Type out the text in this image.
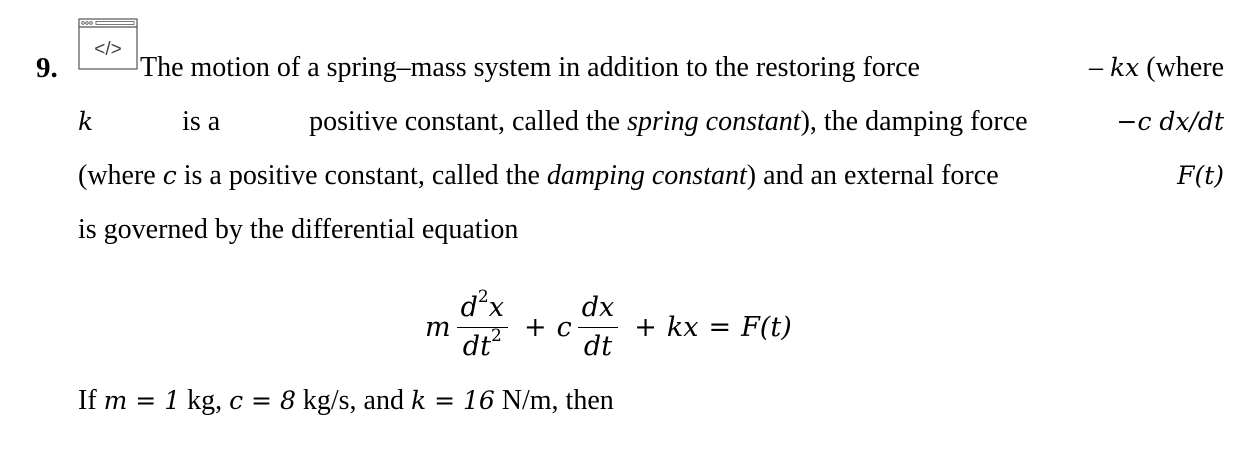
9.
</>
The motion of a spring–mass system in addition to the restoring force	– kx (where
k	is a	positive constant, called the spring constant), the damping force	−c dx/dt
(where c is a positive constant, called the damping constant) and an external force	F(t)
is governed by the differential equation
m $\frac{d^2x}{dt^2} + c \frac{dx}{dt}$ + kx = F(t)
If m = 1 kg, c = 8 kg/s, and k = 16 N/m, then
